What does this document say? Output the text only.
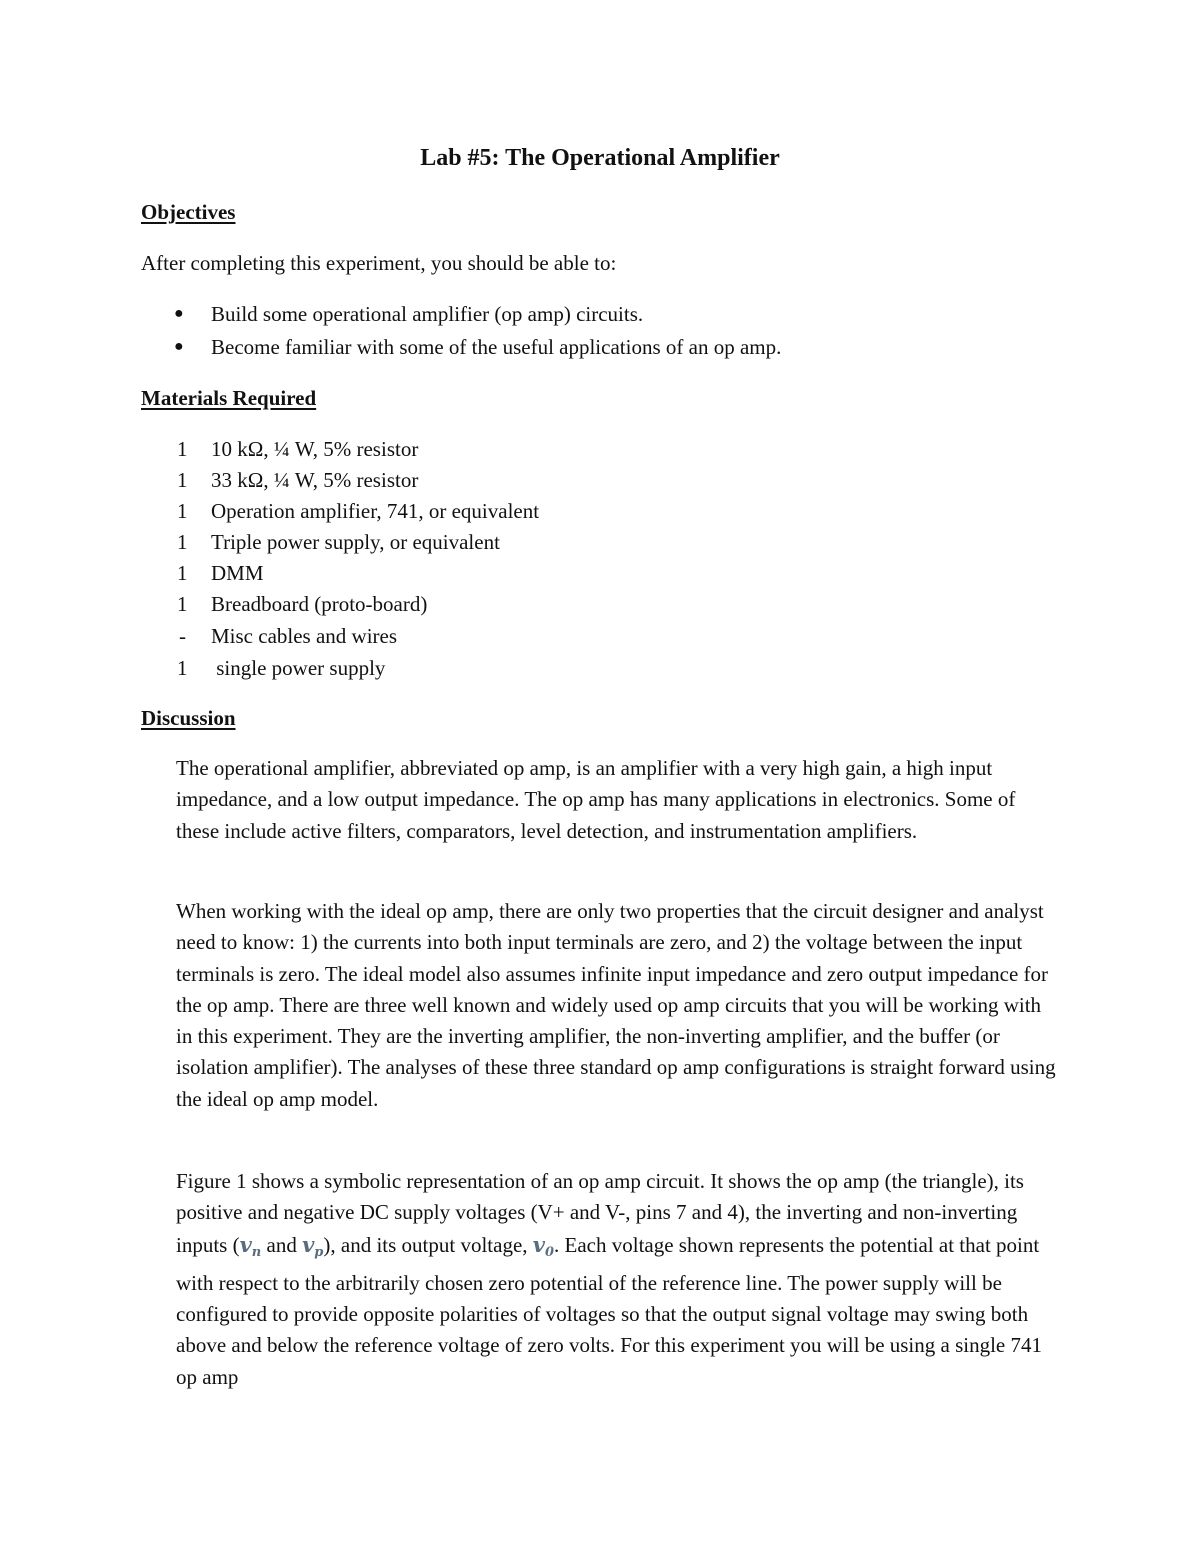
Lab #5: The Operational Amplifier
Objectives
After completing this experiment, you should be able to:
● Build some operational amplifier (op amp) circuits.
● Become familiar with some of the useful applications of an op amp.
Materials Required
1 10 kΩ, ¼ W, 5% resistor
1 33 kΩ, ¼ W, 5% resistor
1 Operation amplifier, 741, or equivalent
1 Triple power supply, or equivalent
1 DMM
1 Breadboard (proto-board)
- Misc cables and wires
1 single power supply
Discussion

The operational amplifier, abbreviated op amp, is an amplifier with a very high gain, a high input impedance, and a low output impedance. The op amp has many applications in electronics. Some of these include active filters, comparators, level detection, and instrumentation amplifiers.

When working with the ideal op amp, there are only two properties that the circuit designer and analyst need to know: 1) the currents into both input terminals are zero, and 2) the voltage between the input terminals is zero. The ideal model also assumes infinite input impedance and zero output impedance for the op amp. There are three well known and widely used op amp circuits that you will be working with in this experiment. They are the inverting amplifier, the non-inverting amplifier, and the buffer (or isolation amplifier). The analyses of these three standard op amp configurations is straight forward using the ideal op amp model.

Figure 1 shows a symbolic representation of an op amp circuit. It shows the op amp (the triangle), its positive and negative DC supply voltages (V+ and V-, pins 7 and 4), the inverting and non-inverting inputs (vn and vp), and its output voltage, v0. Each voltage shown represents the potential at that point with respect to the arbitrarily chosen zero potential of the reference line. The power supply will be configured to provide opposite polarities of voltages so that the output signal voltage may swing both above and below the reference voltage of zero volts. For this experiment you will be using a single 741 op amp
